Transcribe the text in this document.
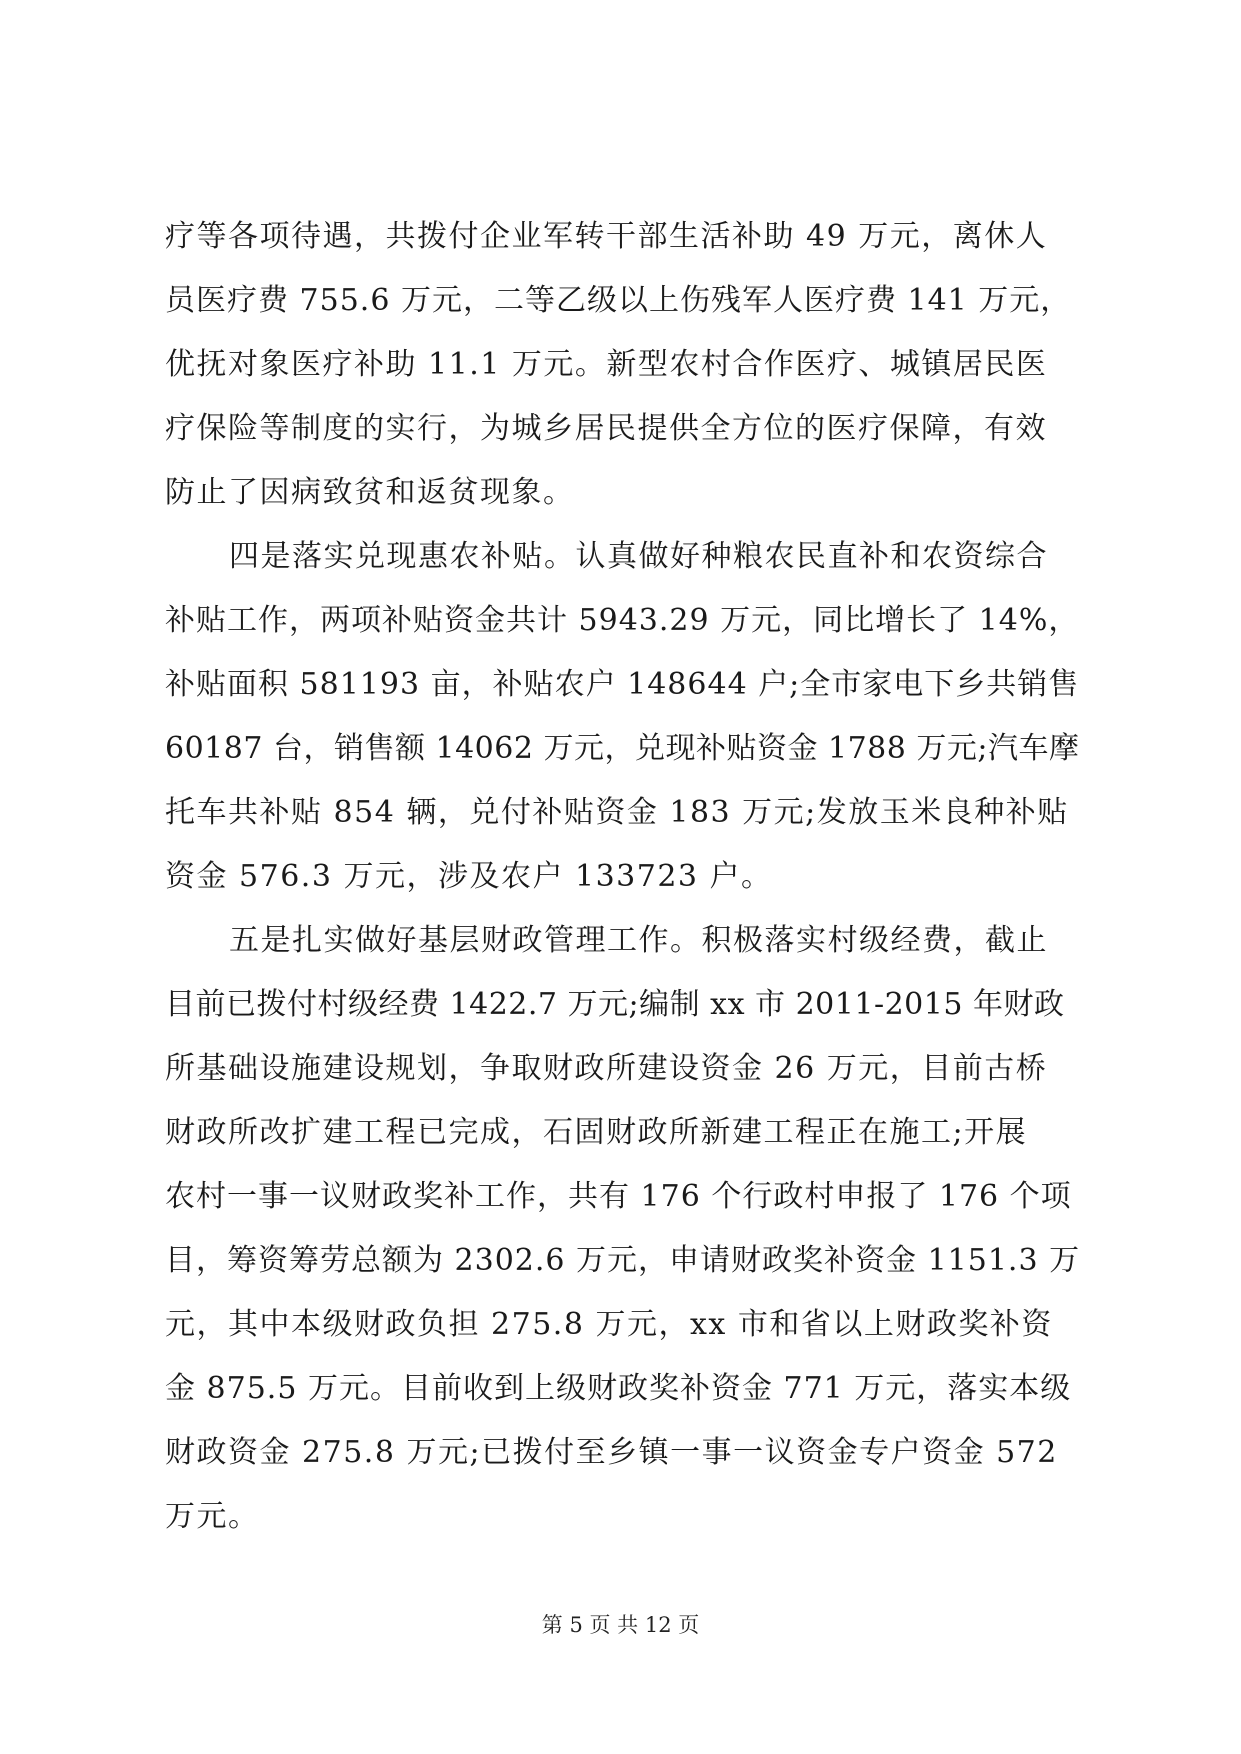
疗等各项待遇，共拨付企业军转干部生活补助 49 万元，离休人
员医疗费 755.6 万元，二等乙级以上伤残军人医疗费 141 万元，
优抚对象医疗补助 11.1 万元。新型农村合作医疗、城镇居民医
疗保险等制度的实行，为城乡居民提供全方位的医疗保障，有效
防止了因病致贫和返贫现象。
四是落实兑现惠农补贴。认真做好种粮农民直补和农资综合
补贴工作，两项补贴资金共计 5943.29 万元，同比增长了 14%，
补贴面积 581193 亩，补贴农户 148644 户;全市家电下乡共销售
60187 台，销售额 14062 万元，兑现补贴资金 1788 万元;汽车摩
托车共补贴 854 辆，兑付补贴资金 183 万元;发放玉米良种补贴
资金 576.3 万元，涉及农户 133723 户。
五是扎实做好基层财政管理工作。积极落实村级经费，截止
目前已拨付村级经费 1422.7 万元;编制 xx 市 2011-2015 年财政
所基础设施建设规划，争取财政所建设资金 26 万元，目前古桥
财政所改扩建工程已完成，石固财政所新建工程正在施工;开展
农村一事一议财政奖补工作，共有 176 个行政村申报了 176 个项
目，筹资筹劳总额为 2302.6 万元，申请财政奖补资金 1151.3 万
元，其中本级财政负担 275.8 万元，xx 市和省以上财政奖补资
金 875.5 万元。目前收到上级财政奖补资金 771 万元，落实本级
财政资金 275.8 万元;已拨付至乡镇一事一议资金专户资金 572
万元。
第 5 页 共 12 页
